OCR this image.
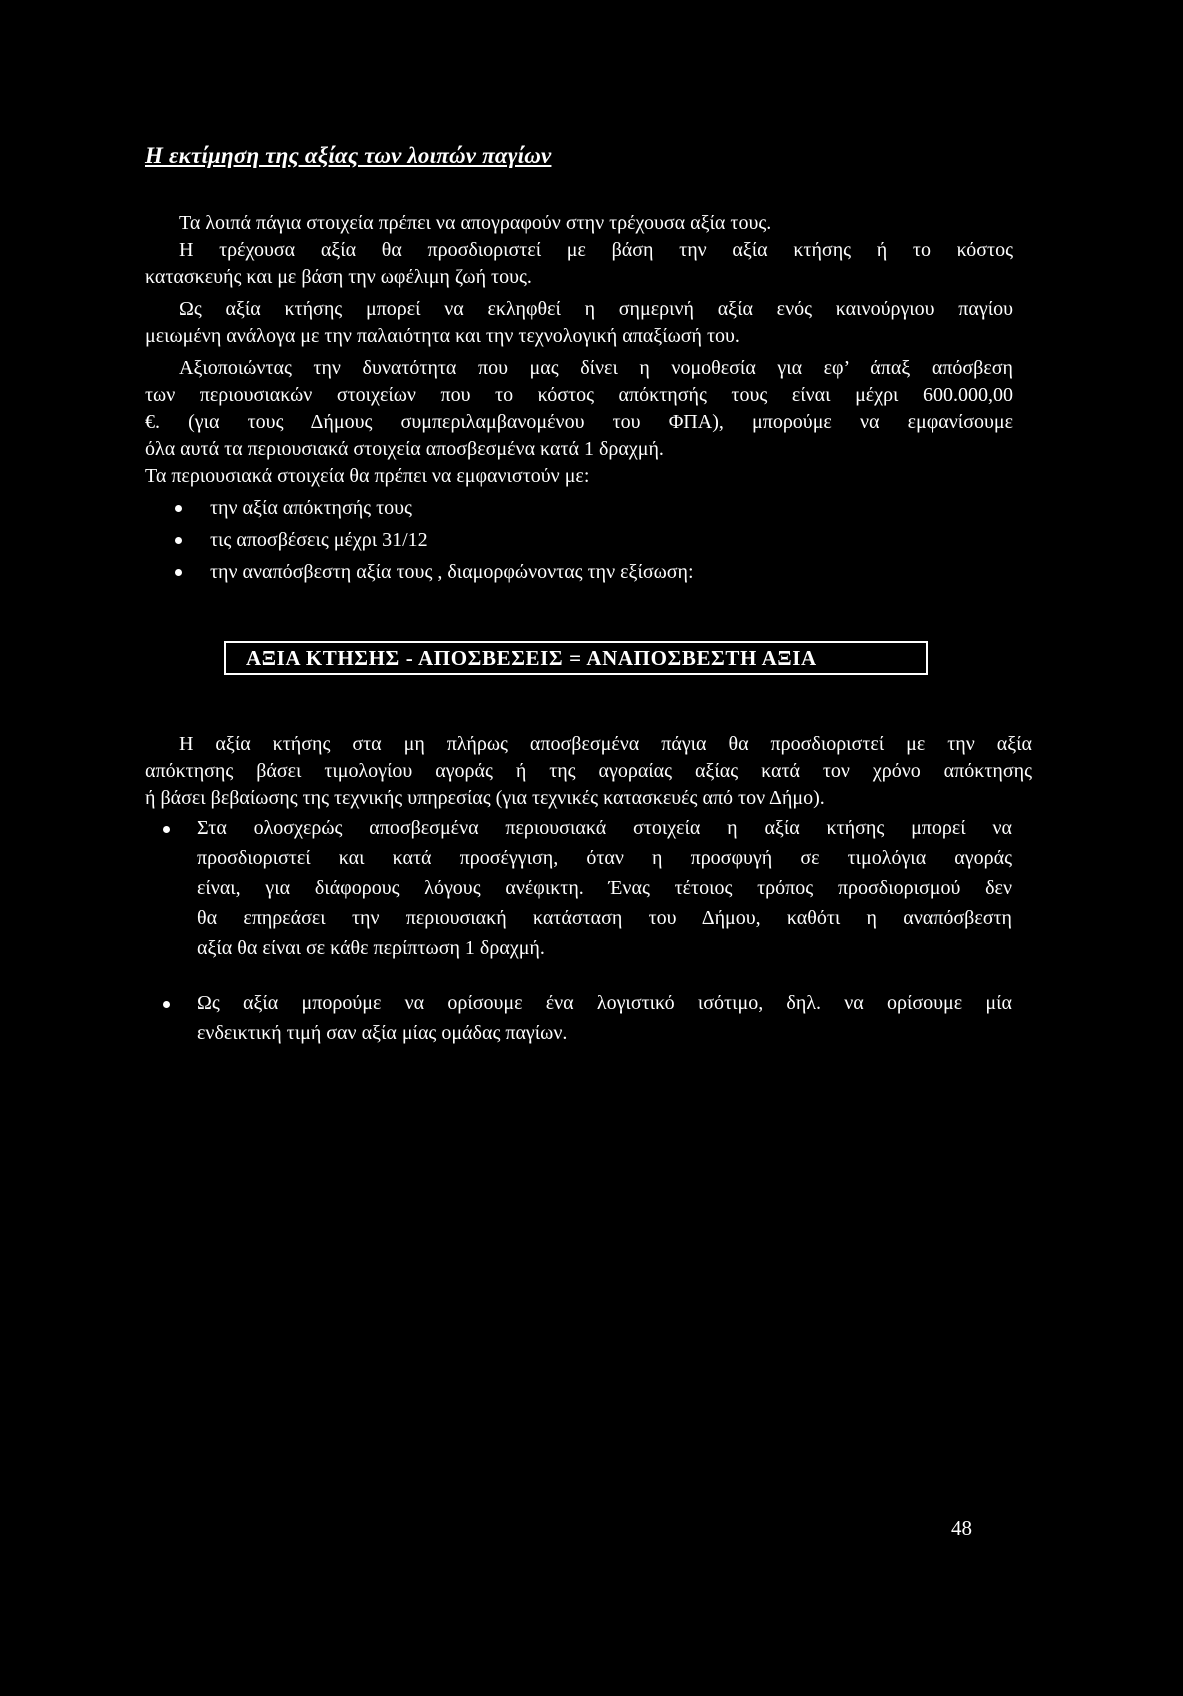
Η εκτίμηση της αξίας των λοιπών παγίων

Τα λοιπά πάγια στοιχεία πρέπει να απογραφούν στην τρέχουσα αξία τους.

Η τρέχουσα αξία θα προσδιοριστεί με βάση την αξία κτήσης ή το κόστος

κατασκευής και με βάση την ωφέλιμη ζωή τους.

Ως αξία κτήσης μπορεί να εκληφθεί η σημερινή αξία ενός καινούργιου παγίου

μειωμένη ανάλογα με την παλαιότητα και την τεχνολογική απαξίωσή του.

Αξιοποιώντας την δυνατότητα που μας δίνει η νομοθεσία για εφ’ άπαξ απόσβεση

των περιουσιακών στοιχείων που το κόστος απόκτησής τους είναι μέχρι 600.000,00

€. (για τους Δήμους συμπεριλαμβανομένου του ΦΠΑ), μπορούμε να εμφανίσουμε

όλα αυτά τα περιουσιακά στοιχεία αποσβεσμένα κατά 1 δραχμή.

Τα περιουσιακά στοιχεία θα πρέπει να εμφανιστούν με:

την αξία απόκτησής τους

τις αποσβέσεις μέχρι 31/12

την αναπόσβεστη αξία τους , διαμορφώνοντας την εξίσωση:

ΑΞΙΑ ΚΤΗΣΗΣ - ΑΠΟΣΒΕΣΕΙΣ = ΑΝΑΠΟΣΒΕΣΤΗ ΑΞΙΑ

Η αξία κτήσης στα μη πλήρως αποσβεσμένα πάγια θα προσδιοριστεί με την αξία

απόκτησης βάσει τιμολογίου αγοράς ή της αγοραίας αξίας κατά τον χρόνο απόκτησης

ή βάσει βεβαίωσης της τεχνικής υπηρεσίας (για τεχνικές κατασκευές από τον Δήμο).

Στα ολοσχερώς αποσβεσμένα περιουσιακά στοιχεία η αξία κτήσης μπορεί να

προσδιοριστεί και κατά προσέγγιση, όταν η προσφυγή σε τιμολόγια αγοράς

είναι, για διάφορους λόγους ανέφικτη. Ένας τέτοιος τρόπος προσδιορισμού δεν

θα επηρεάσει την περιουσιακή κατάσταση του Δήμου, καθότι η αναπόσβεστη

αξία θα είναι σε κάθε περίπτωση 1 δραχμή.

Ως αξία μπορούμε να ορίσουμε ένα λογιστικό ισότιμο, δηλ. να ορίσουμε μία

ενδεικτική τιμή σαν αξία μίας ομάδας παγίων.

48
